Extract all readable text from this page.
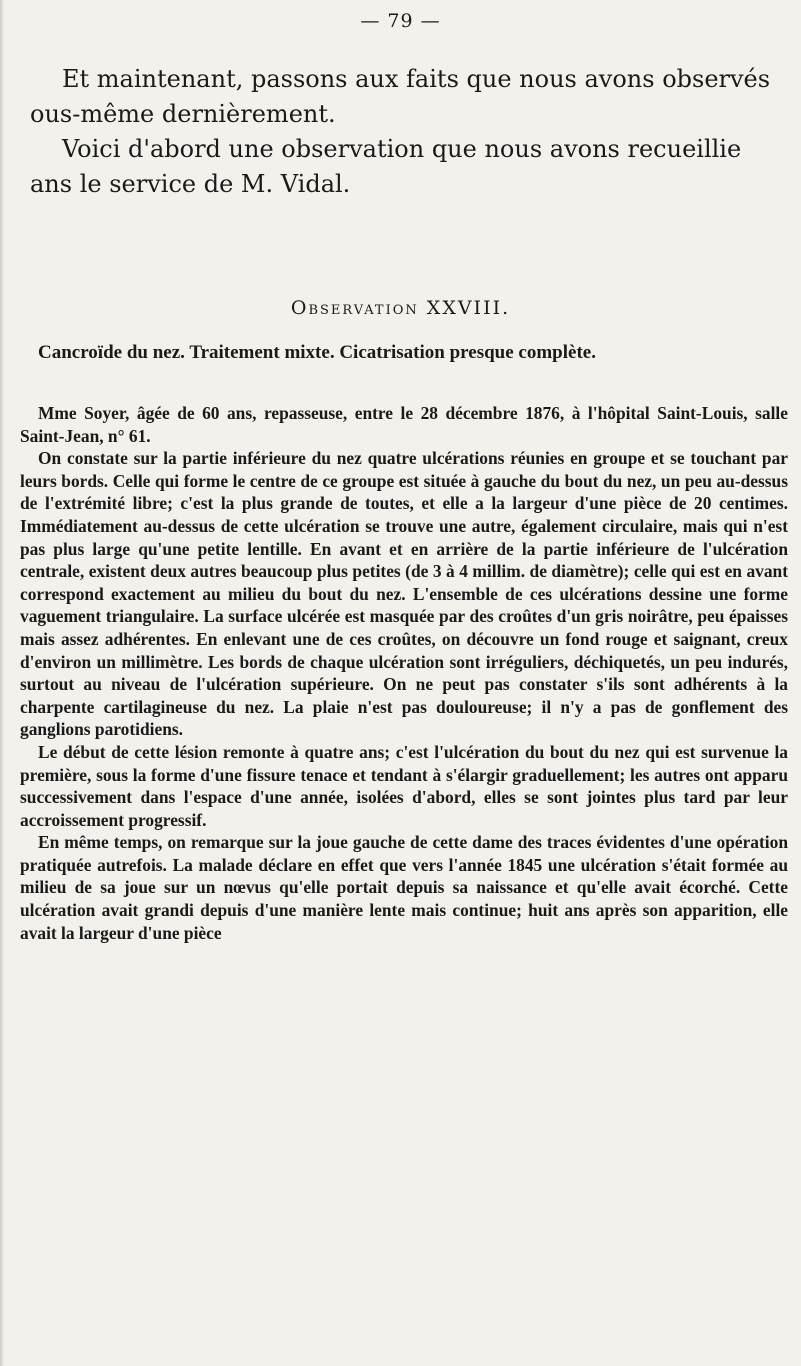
— 79 —

Et maintenant, passons aux faits que nous avons observés

ous-même dernièrement.

Voici d'abord une observation que nous avons recueillie

ans le service de M. Vidal.

Observation XXVIII.
Cancroïde du nez. Traitement mixte. Cicatrisation presque complète.

Mme Soyer, âgée de 60 ans, repasseuse, entre le 28 décembre 1876, à l'hôpital Saint-Louis, salle Saint-Jean, n° 61.

On constate sur la partie inférieure du nez quatre ulcérations réunies en groupe et se touchant par leurs bords. Celle qui forme le centre de ce groupe est située à gauche du bout du nez, un peu au-dessus de l'extrémité libre; c'est la plus grande de toutes, et elle a la largeur d'une pièce de 20 centimes. Immédiatement au-dessus de cette ulcération se trouve une autre, également circulaire, mais qui n'est pas plus large qu'une petite lentille. En avant et en arrière de la partie inférieure de l'ulcération centrale, existent deux autres beaucoup plus petites (de 3 à 4 millim. de diamètre); celle qui est en avant correspond exactement au milieu du bout du nez. L'ensemble de ces ulcérations dessine une forme vaguement triangulaire. La surface ulcérée est masquée par des croûtes d'un gris noirâtre, peu épaisses mais assez adhérentes. En enlevant une de ces croûtes, on découvre un fond rouge et saignant, creux d'environ un millimètre. Les bords de chaque ulcération sont irréguliers, déchiquetés, un peu indurés, surtout au niveau de l'ulcération supérieure. On ne peut pas constater s'ils sont adhérents à la charpente cartilagineuse du nez. La plaie n'est pas douloureuse; il n'y a pas de gonflement des ganglions parotidiens.

Le début de cette lésion remonte à quatre ans; c'est l'ulcération du bout du nez qui est survenue la première, sous la forme d'une fissure tenace et tendant à s'élargir graduellement; les autres ont apparu successivement dans l'espace d'une année, isolées d'abord, elles se sont jointes plus tard par leur accroissement progressif.

En même temps, on remarque sur la joue gauche de cette dame des traces évidentes d'une opération pratiquée autrefois. La malade déclare en effet que vers l'année 1845 une ulcération s'était formée au milieu de sa joue sur un nœvus qu'elle portait depuis sa naissance et qu'elle avait écorché. Cette ulcération avait grandi depuis d'une manière lente mais continue; huit ans après son apparition, elle avait la largeur d'une pièce
